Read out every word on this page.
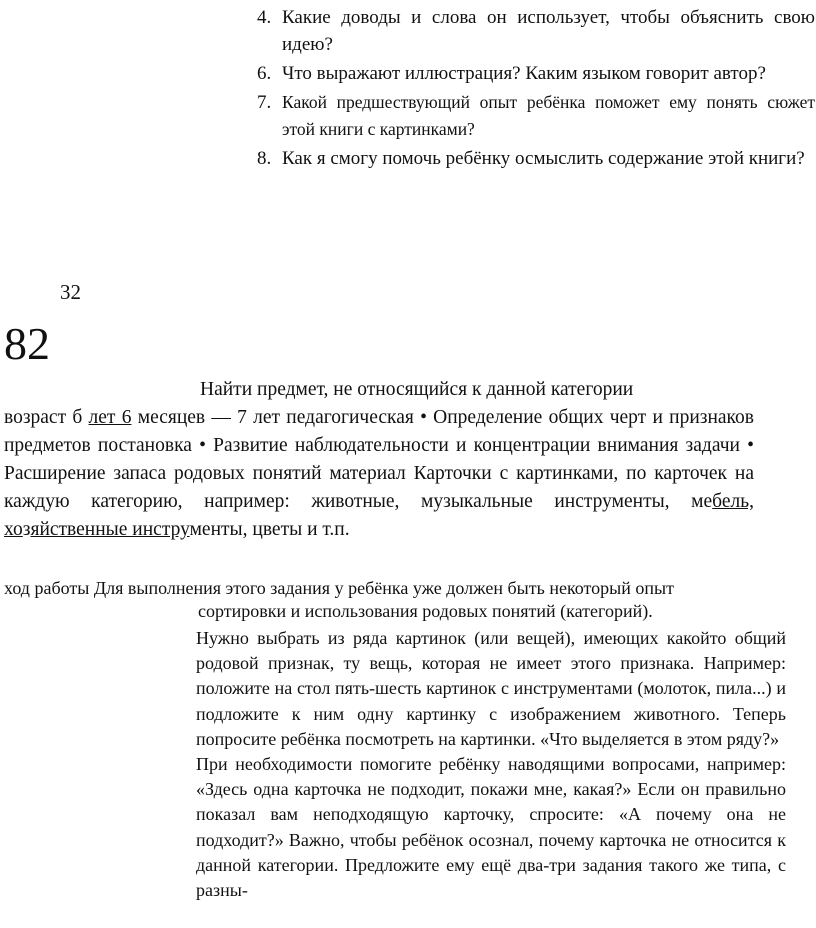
4. Какие доводы и слова он использует, чтобы объяснить свою идею?
6. Что выражают иллюстрация? Каким языком говорит автор?
7. Какой предшествующий опыт ребёнка поможет ему понять сюжет этой книги с картинками?
8. Как я смогу помочь ребёнку осмыслить содержание этой книги?
32
82
Найти предмет, не относящийся к данной категории
возраст б лет 6 месяцев — 7 лет педагогическая • Определение общих черт и признаков предметов постановка • Развитие наблюдательности и концентрации внимания задачи • Расширение запаса родовых понятий материал Карточки с картинками, по карточек на каждую категорию, например: животные, музыкальные инструменты, мебель, хозяйственные инструменты, цветы и т.п.
ход работы Для выполнения этого задания у ребёнка уже должен быть некоторый опыт
сортировки и использования родовых понятий (категорий).

Нужно выбрать из ряда картинок (или вещей), имеющих какойто общий родовой признак, ту вещь, которая не имеет этого признака. Например: положите на стол пять-шесть картинок с инструментами (молоток, пила...) и подложите к ним одну картинку с изображением животного. Теперь попросите ребёнка посмотреть на картинки. «Что выделяется в этом ряду?»

При необходимости помогите ребёнку наводящими вопросами, например: «Здесь одна карточка не подходит, покажи мне, какая?» Если он правильно показал вам неподходящую карточку, спросите: «А почему она не подходит?» Важно, чтобы ребёнок осознал, почему карточка не относится к данной категории. Предложите ему ещё два-три задания такого же типа, с разны-
